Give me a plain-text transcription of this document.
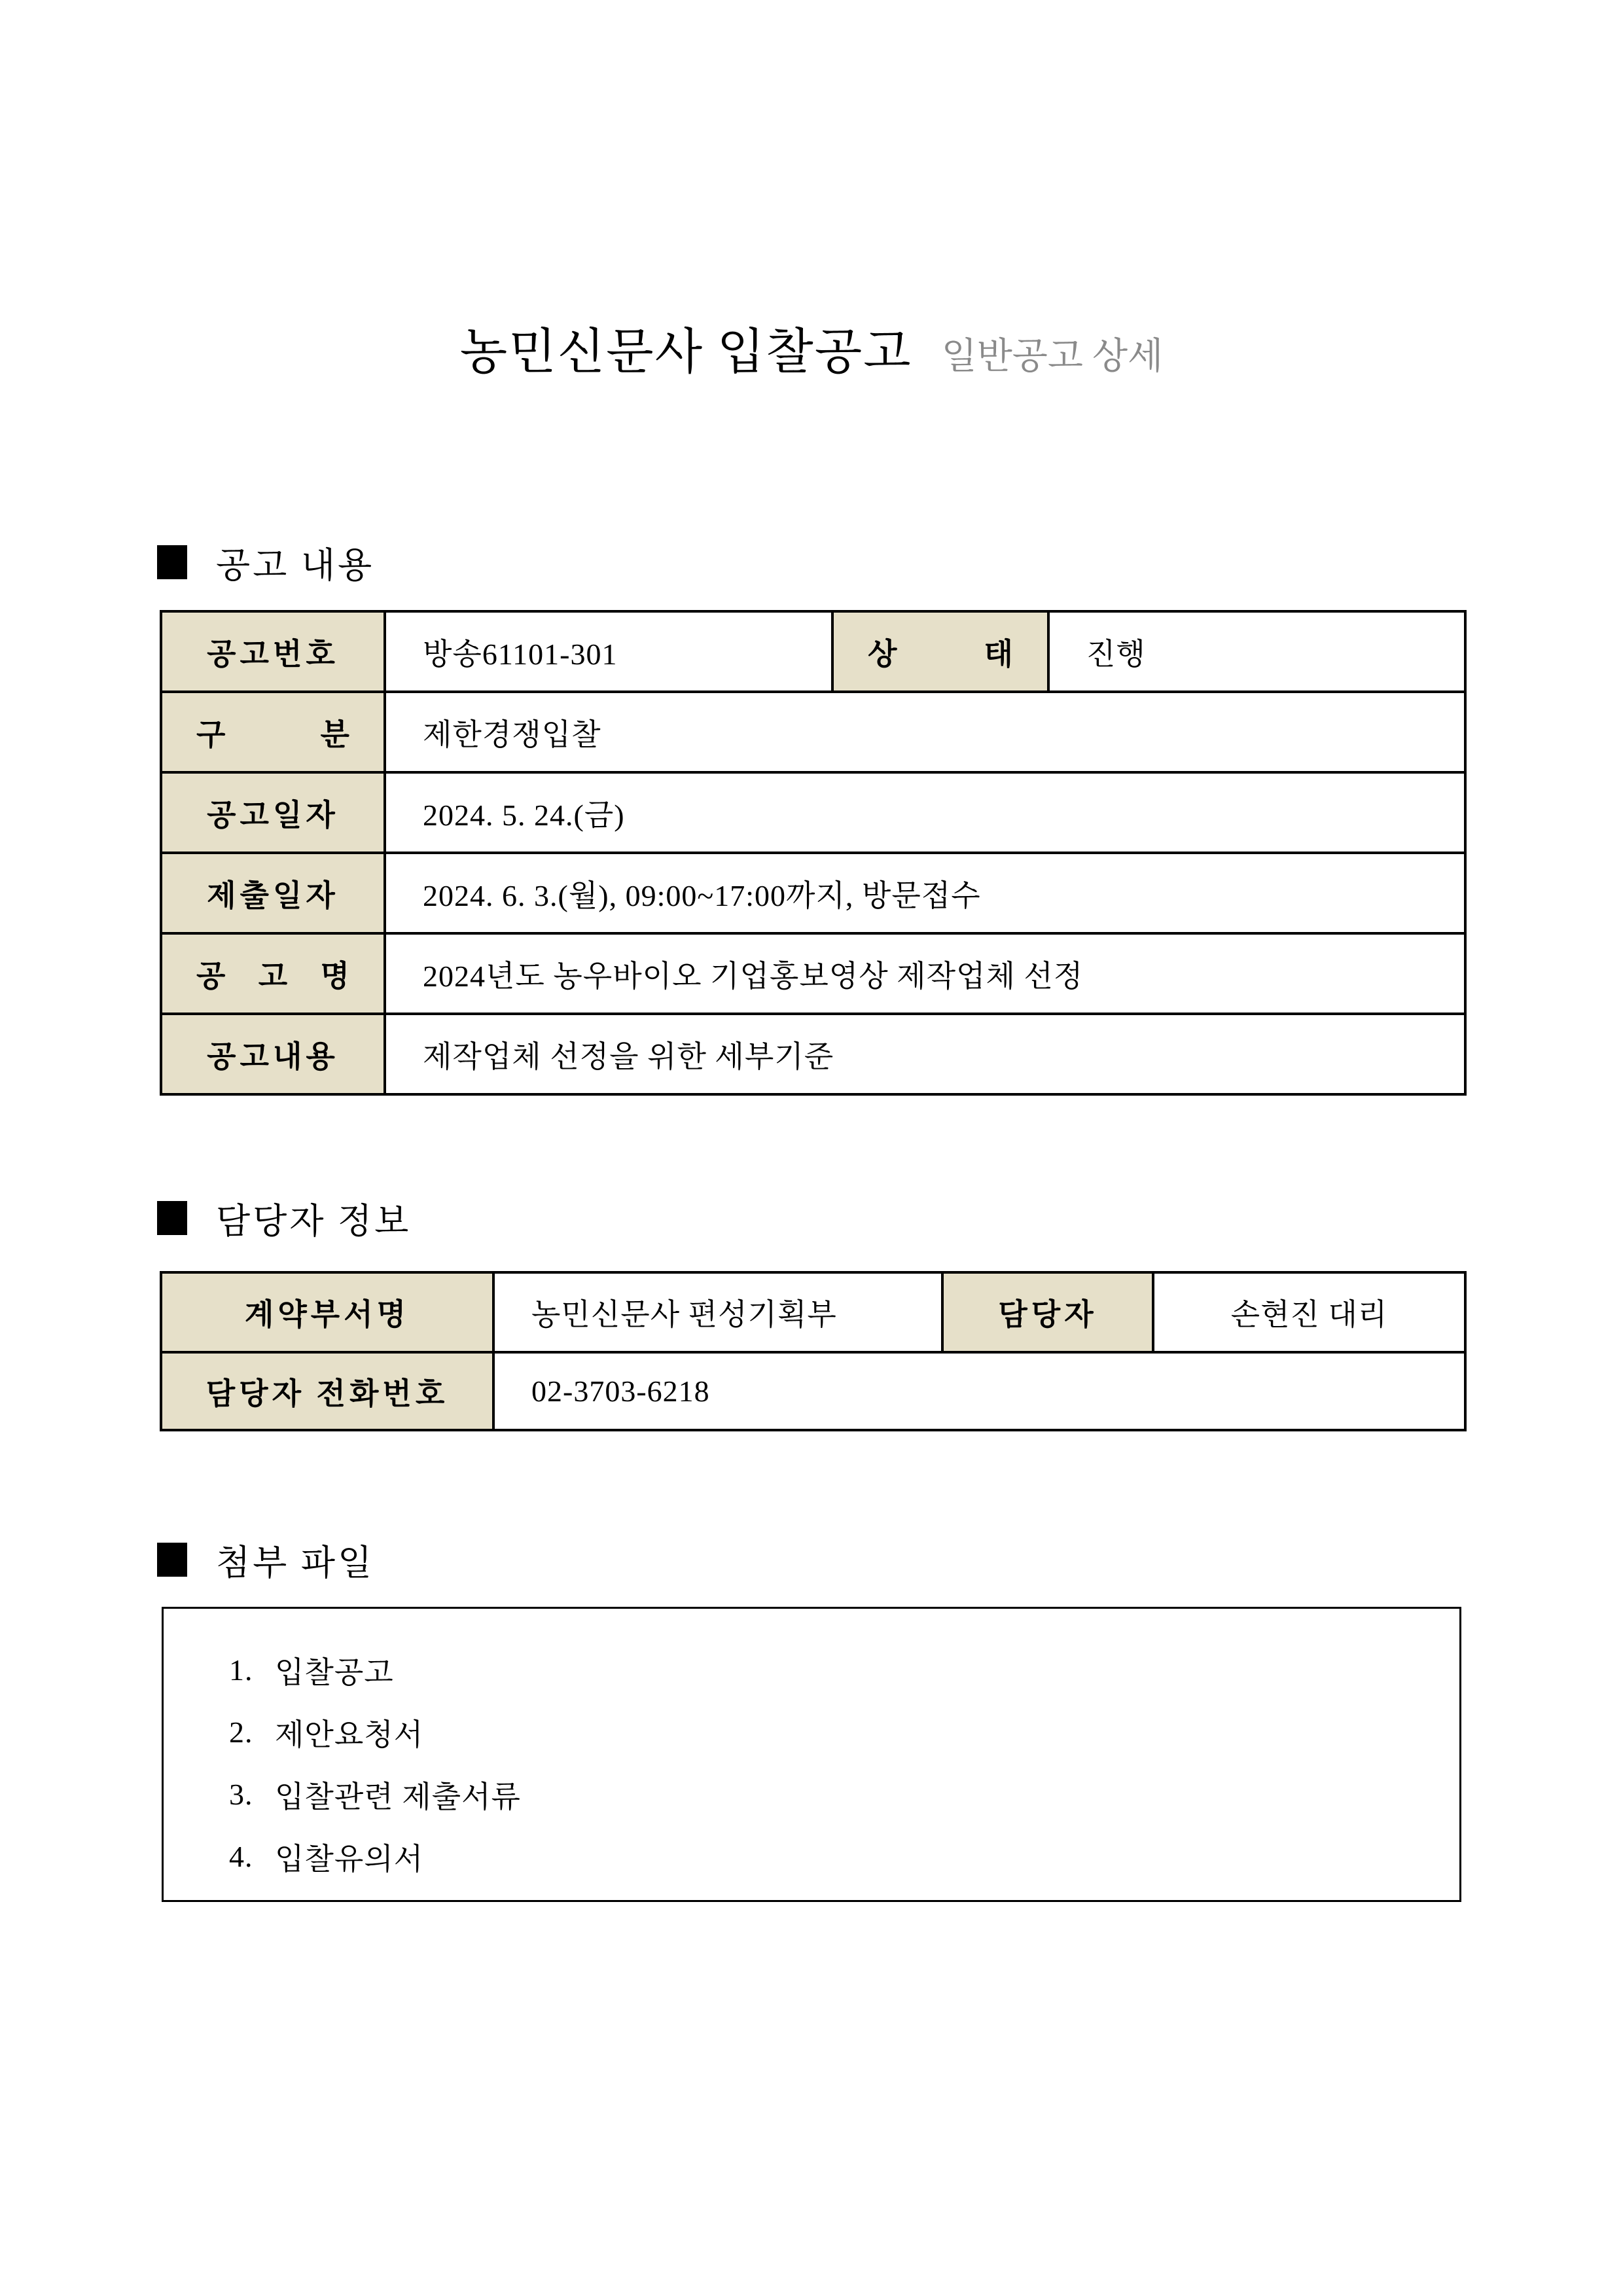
농민신문사 입찰공고 일반공고 상세
공고 내용
공고번호	방송61101-301	상 태	진행
구 분	제한경쟁입찰		
공고일자	2024. 5. 24.(금)		
제출일자	2024. 6. 3.(월), 09:00~17:00까지, 방문접수		
공 고 명	2024년도 농우바이오 기업홍보영상 제작업체 선정		
공고내용	제작업체 선정을 위한 세부기준		
담당자 정보
계약부서명	농민신문사 편성기획부	담당자	손현진 대리
담당자 전화번호	02-3703-6218		
첨부 파일
1. 입찰공고
2. 제안요청서
3. 입찰관련 제출서류
4. 입찰유의서
